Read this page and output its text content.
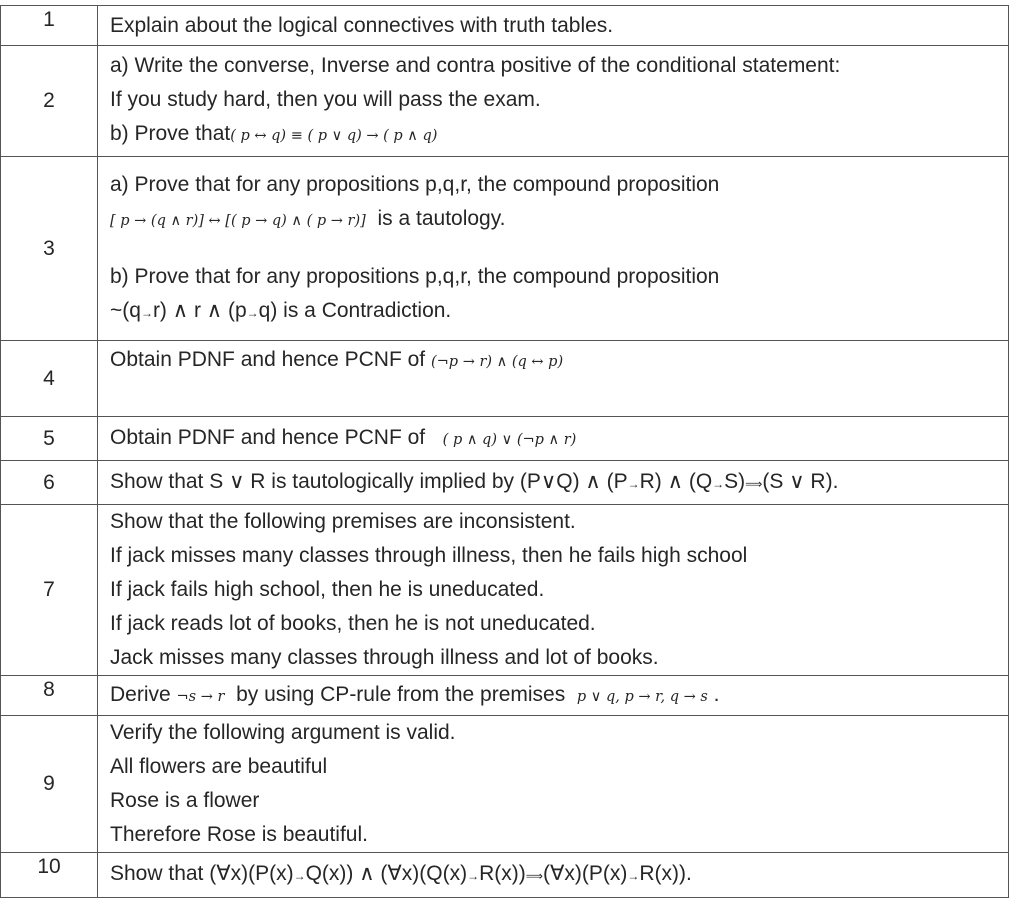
1	Explain about the logical connectives with truth tables.

2	a) Write the converse, Inverse and contra positive of the conditional statement:
If you study hard, then you will pass the exam.
b) Prove that( p ↔ q) ≡ ( p ∨ q) → ( p ∧ q)

3	a) Prove that for any propositions p,q,r, the compound proposition
[ p → (q ∧ r)] ↔ [( p → q) ∧ ( p → r)] is a tautology.
b) Prove that for any propositions p,q,r, the compound proposition
~(q→r) ∧ r ∧ (p→q) is a Contradiction.

4	Obtain PDNF and hence PCNF of (¬p → r) ∧ (q ↔ p)

5	Obtain PDNF and hence PCNF of ( p ∧ q) ∨ (¬p ∧ r)

6	Show that S ∨ R is tautologically implied by (P∨Q) ∧ (P→R) ∧ (Q→S)⟹(S ∨ R).

7	Show that the following premises are inconsistent.
If jack misses many classes through illness, then he fails high school
If jack fails high school, then he is uneducated.
If jack reads lot of books, then he is not uneducated.
Jack misses many classes through illness and lot of books.

8	Derive ¬s → r by using CP-rule from the premises p ∨ q, p → r, q → s .

9	Verify the following argument is valid.
All flowers are beautiful
Rose is a flower
Therefore Rose is beautiful.

10	Show that (∀x)(P(x)→Q(x)) ∧ (∀x)(Q(x)→R(x))⟹(∀x)(P(x)→R(x)).
